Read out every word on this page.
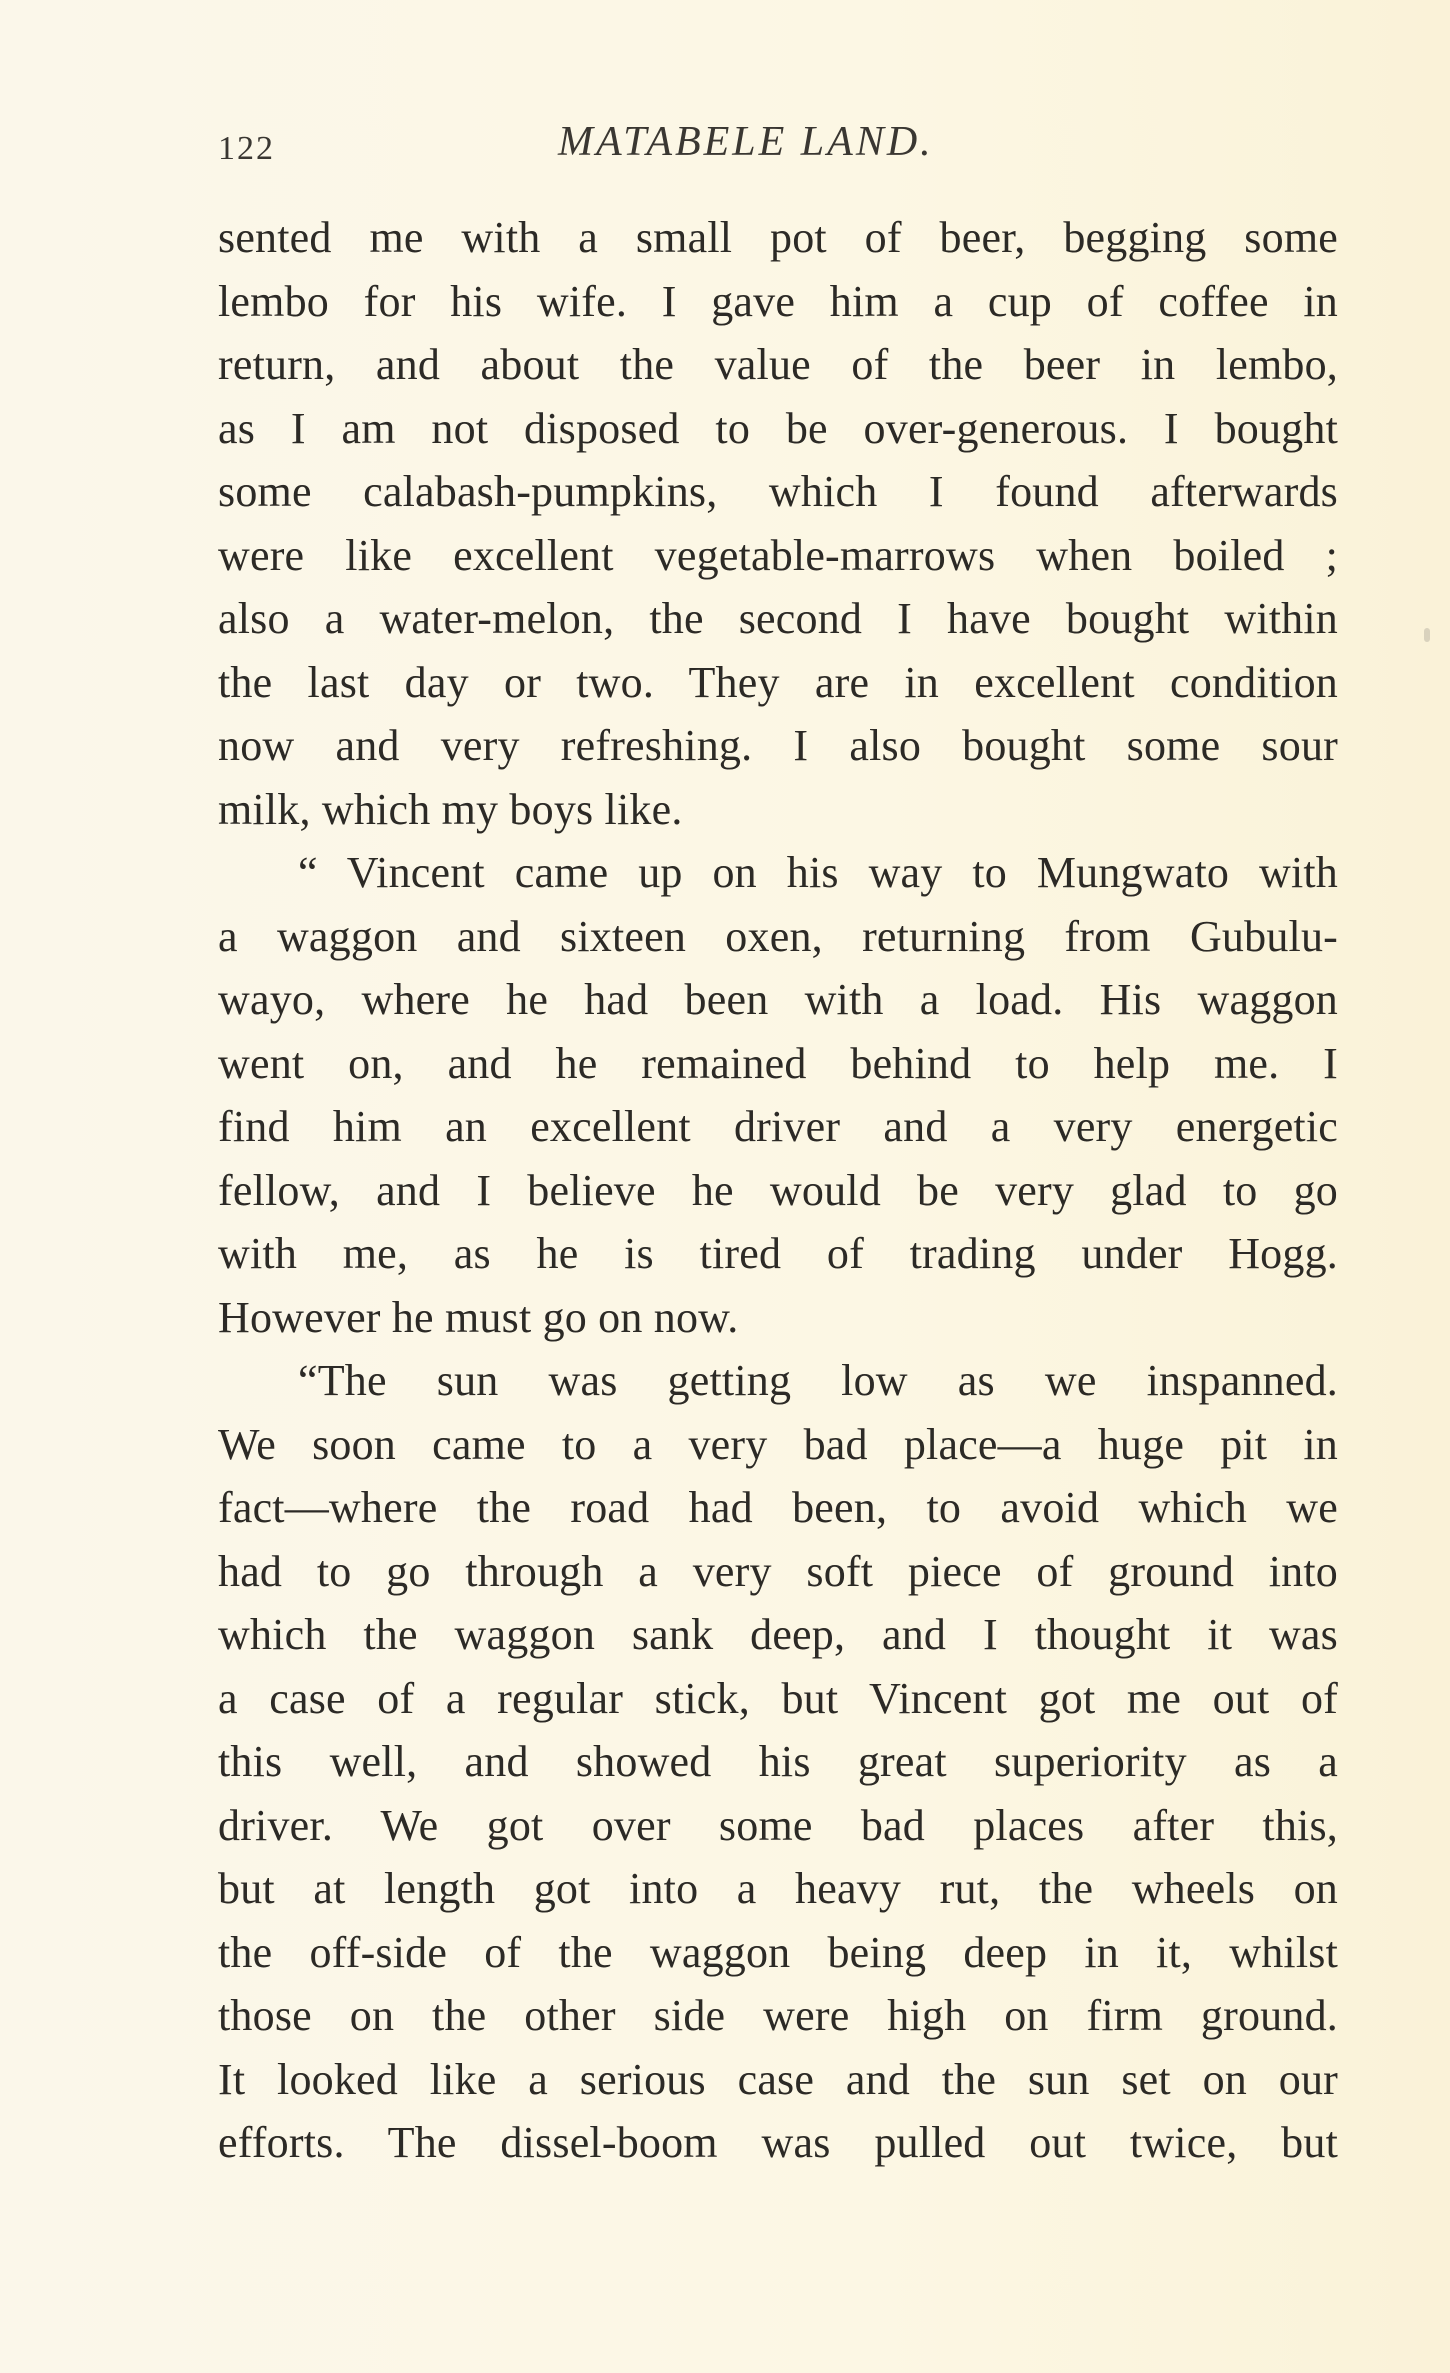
122	MATABELE LAND.
sented me with a small pot of beer, begging some
lembo for his wife. I gave him a cup of coffee in
return, and about the value of the beer in lembo,
as I am not disposed to be over-generous. I bought
some calabash-pumpkins, which I found afterwards
were like excellent vegetable-marrows when boiled ;
also a water-melon, the second I have bought within
the last day or two. They are in excellent condition
now and very refreshing. I also bought some sour
milk, which my boys like.
“ Vincent came up on his way to Mungwato with
a waggon and sixteen oxen, returning from Gubulu-
wayo, where he had been with a load. His waggon
went on, and he remained behind to help me. I
find him an excellent driver and a very energetic
fellow, and I believe he would be very glad to go
with me, as he is tired of trading under Hogg.
However he must go on now.
“The sun was getting low as we inspanned.
We soon came to a very bad place—a huge pit in
fact—where the road had been, to avoid which we
had to go through a very soft piece of ground into
which the waggon sank deep, and I thought it was
a case of a regular stick, but Vincent got me out of
this well, and showed his great superiority as a
driver. We got over some bad places after this,
but at length got into a heavy rut, the wheels on
the off-side of the waggon being deep in it, whilst
those on the other side were high on firm ground.
It looked like a serious case and the sun set on our
efforts. The dissel-boom was pulled out twice, but
